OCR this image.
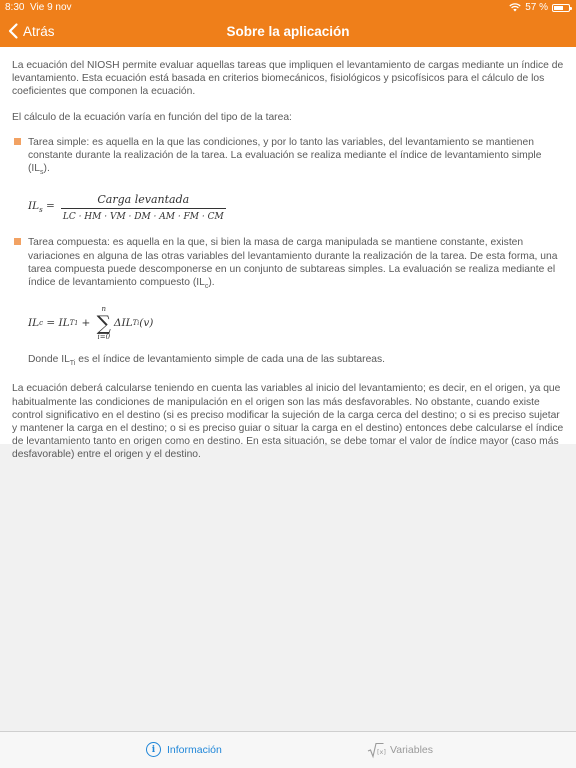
8:30 Vie 9 nov	57 %
Atrás	Sobre la aplicación

La ecuación del NIOSH permite evaluar aquellas tareas que impliquen el levantamiento de cargas mediante un índice de levantamiento. Esta ecuación está basada en criterios biomecánicos, fisiológicos y psicofísicos para el cálculo de los coeficientes que componen la ecuación.

El cálculo de la ecuación varía en función del tipo de la tarea:

Tarea simple: es aquella en la que las condiciones, y por lo tanto las variables, del levantamiento se mantienen constante durante la realización de la tarea. La evaluación se realiza mediante el índice de levantamiento simple $(IL_s)$.
$IL_s = \frac{\text{Carga levantada}}{LC \cdot HM \cdot VM \cdot DM \cdot AM \cdot FM \cdot CM}$
Tarea compuesta: es aquella en la que, si bien la masa de carga manipulada se mantiene constante, existen variaciones en alguna de las otras variables del levantamiento durante la realización de la tarea. De esta forma, una tarea compuesta puede descomponerse en un conjunto de subtareas simples. La evaluación se realiza mediante el índice de levantamiento compuesto $(IL_c)$.
IL c = IL T1 +
n
∑
i=0
ΔIL Ti (v)

Donde $IL_{Ti}$ es el índice de levantamiento simple de cada una de las subtareas.

La ecuación deberá calcularse teniendo en cuenta las variables al inicio del levantamiento; es decir, en el origen, ya que habitualmente las condiciones de manipulación en el origen son las más desfavorables. No obstante, cuando existe control significativo en el destino (si es preciso modificar la sujeción de la carga cerca del destino; o si es preciso sujetar y mantener la carga en el destino; o si es preciso guiar o situar la carga en el destino) entonces debe calcularse el índice de levantamiento tanto en origen como en destino. En esta situación, se debe tomar el valor de índice mayor (caso más desfavorable) entre el origen y el destino.

i	Información	[x] Variables
